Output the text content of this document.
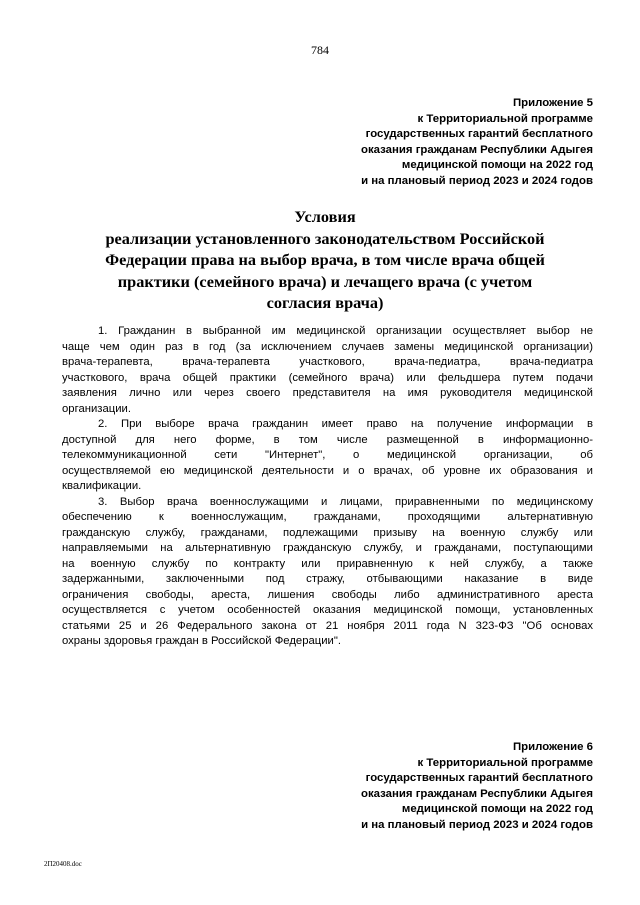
784
Приложение 5
к Территориальной программе
государственных гарантий бесплатного
оказания гражданам Республики Адыгея
медицинской помощи на 2022 год
и на плановый период 2023 и 2024 годов
Условия
реализации установленного законодательством Российской
Федерации права на выбор врача, в том числе врача общей
практики (семейного врача) и лечащего врача (с учетом
согласия врача)
1. Гражданин в выбранной им медицинской организации осуществляет выбор не
чаще чем один раз в год (за исключением случаев замены медицинской организации)
врача-терапевта, врача-терапевта участкового, врача-педиатра, врача-педиатра
участкового, врача общей практики (семейного врача) или фельдшера путем подачи
заявления лично или через своего представителя на имя руководителя медицинской
организации.
2. При выборе врача гражданин имеет право на получение информации в
доступной для него форме, в том числе размещенной в информационно-
телекоммуникационной сети "Интернет", о медицинской организации, об
осуществляемой ею медицинской деятельности и о врачах, об уровне их образования и
квалификации.
3. Выбор врача военнослужащими и лицами, приравненными по медицинскому
обеспечению к военнослужащим, гражданами, проходящими альтернативную
гражданскую службу, гражданами, подлежащими призыву на военную службу или
направляемыми на альтернативную гражданскую службу, и гражданами, поступающими
на военную службу по контракту или приравненную к ней службу, а также
задержанными, заключенными под стражу, отбывающими наказание в виде
ограничения свободы, ареста, лишения свободы либо административного ареста
осуществляется с учетом особенностей оказания медицинской помощи, установленных
статьями 25 и 26 Федерального закона от 21 ноября 2011 года N 323-ФЗ "Об основах
охраны здоровья граждан в Российской Федерации".
Приложение 6
к Территориальной программе
государственных гарантий бесплатного
оказания гражданам Республики Адыгея
медицинской помощи на 2022 год
и на плановый период 2023 и 2024 годов
2П20408.doc
